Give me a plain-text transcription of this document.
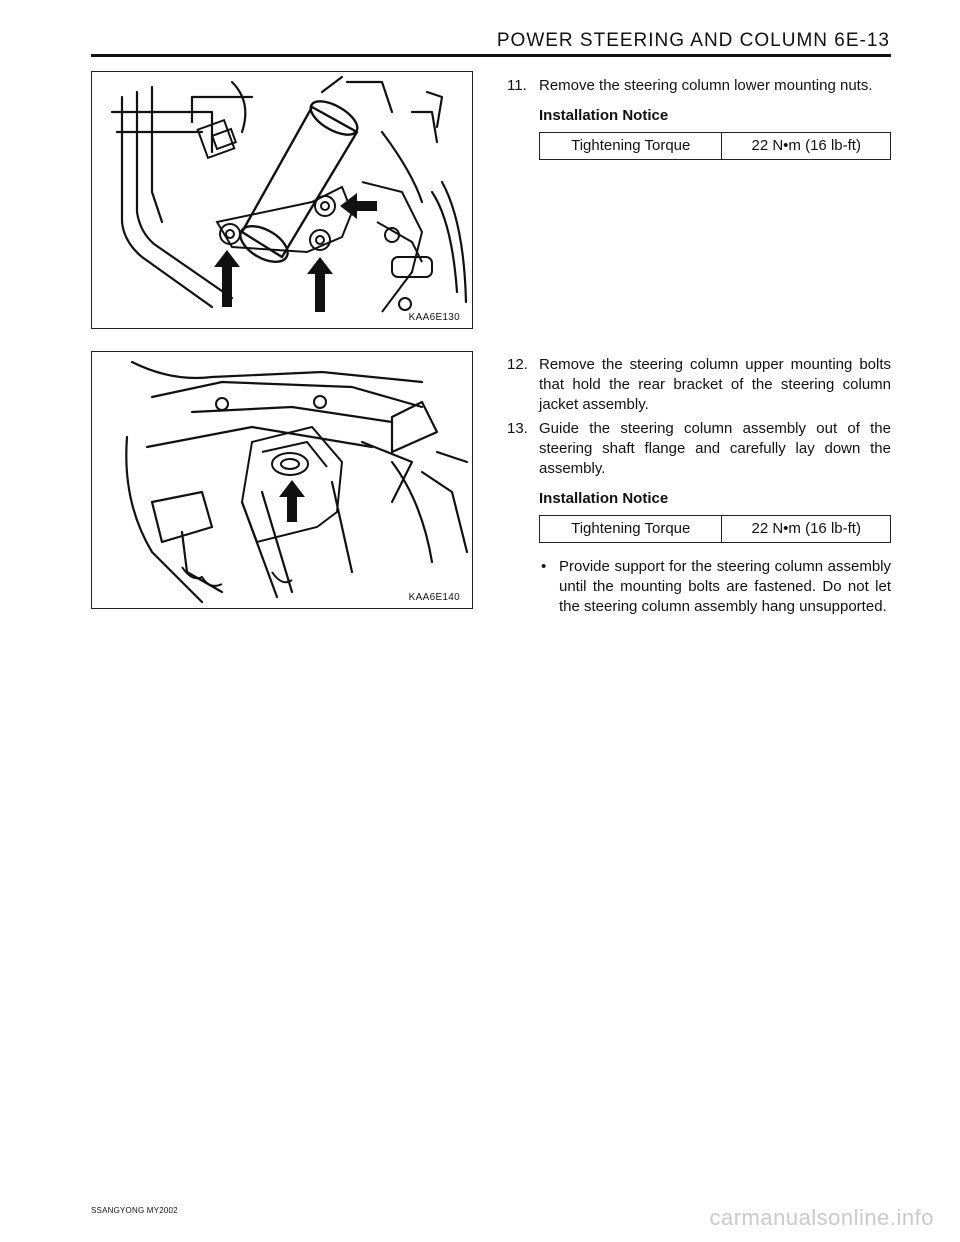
POWER STEERING AND COLUMN 6E-13
KAA6E130
KAA6E140

11. Remove the steering column lower mounting nuts.

Installation Notice
Tightening Torque	22 N•m (16 lb-ft)

12. Remove the steering column upper mounting bolts that hold the rear bracket of the steering column jacket assembly.

13. Guide the steering column assembly out of the steering shaft flange and carefully lay down the assembly.

Installation Notice
Tightening Torque	22 N•m (16 lb-ft)

• Provide support for the steering column assembly until the mounting bolts are fastened. Do not let the steering column assembly hang unsupported.

SSANGYONG MY2002	carmanualsonline.info
